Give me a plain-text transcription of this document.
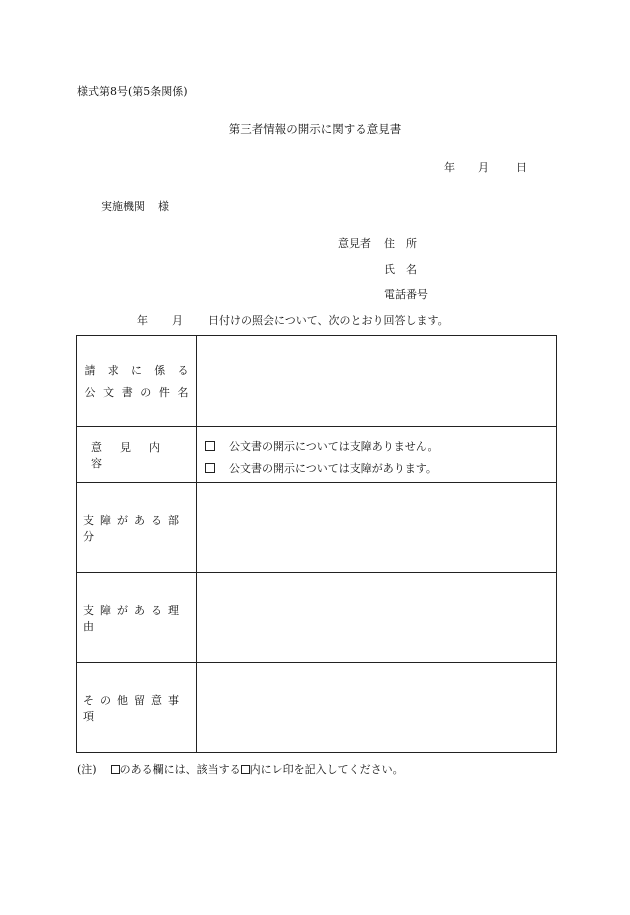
様式第8号(第5条関係)
第三者情報の開示に関する意見書
年 月 日
実施機関 様
意見者 住所
氏名
電話番号
年 月 日付けの照会について、次のとおり回答します。
請 求 に 係 る
公 文 書 の 件 名
意見内容
公文書の開示については支障ありません。
公文書の開示については支障があります。
支障がある部分
支障がある理由
その他留意事項
(注) のある欄には、該当する 内にレ印を記入してください。
